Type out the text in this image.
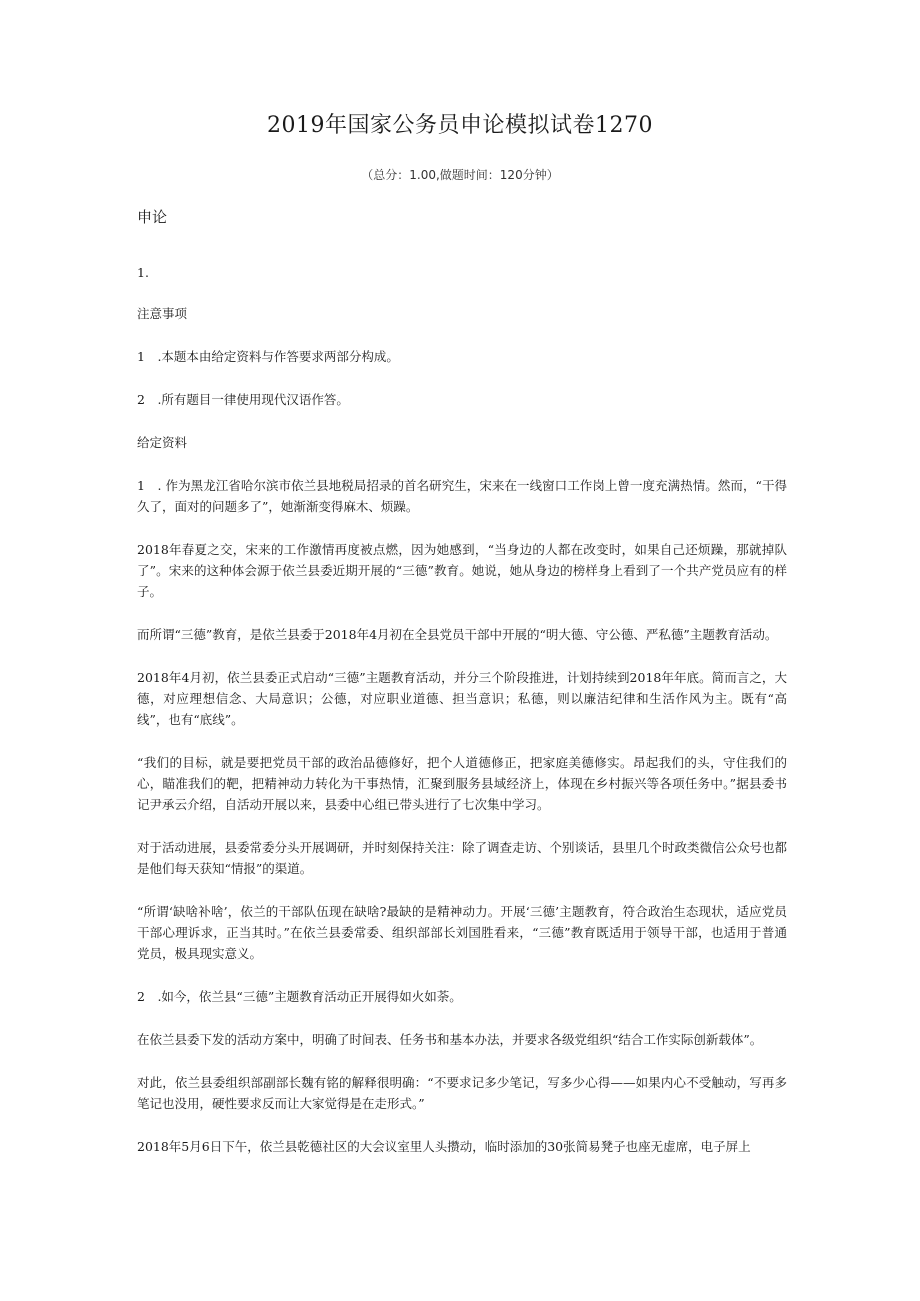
2019年国家公务员申论模拟试卷1270
（总分：1.00,做题时间：120分钟）
申论

1.

注意事项

1　.本题本由给定资料与作答要求两部分构成。

2　.所有题目一律使用现代汉语作答。

给定资料

1　. 作为黑龙江省哈尔滨市依兰县地税局招录的首名研究生，宋来在一线窗口工作岗上曾一度充满热情。然而，“干得久了，面对的问题多了”，她渐渐变得麻木、烦躁。

2018年春夏之交，宋来的工作激情再度被点燃，因为她感到，“当身边的人都在改变时，如果自己还烦躁，那就掉队了”。宋来的这种体会源于依兰县委近期开展的“三德”教育。她说，她从身边的榜样身上看到了一个共产党员应有的样子。

而所谓“三德”教育，是依兰县委于2018年4月初在全县党员干部中开展的“明大德、守公德、严私德”主题教育活动。

2018年4月初，依兰县委正式启动“三德”主题教育活动，并分三个阶段推进，计划持续到2018年年底。简而言之，大德，对应理想信念、大局意识；公德，对应职业道德、担当意识；私德，则以廉洁纪律和生活作风为主。既有“高线”，也有“底线”。

“我们的目标，就是要把党员干部的政治品德修好，把个人道德修正，把家庭美德修实。昂起我们的头，守住我们的心，瞄准我们的靶，把精神动力转化为干事热情，汇聚到服务县域经济上，体现在乡村振兴等各项任务中。”据县委书记尹承云介绍，自活动开展以来，县委中心组已带头进行了七次集中学习。

对于活动进展，县委常委分头开展调研，并时刻保持关注：除了调查走访、个别谈话，县里几个时政类微信公众号也都是他们每天获知“情报”的渠道。

“所谓‘缺啥补啥’，依兰的干部队伍现在缺啥?最缺的是精神动力。开展‘三德’主题教育，符合政治生态现状，适应党员干部心理诉求，正当其时。”在依兰县委常委、组织部部长刘国胜看来，“三德”教育既适用于领导干部，也适用于普通党员，极具现实意义。

2　.如今，依兰县“三德”主题教育活动正开展得如火如荼。

在依兰县委下发的活动方案中，明确了时间表、任务书和基本办法，并要求各级党组织“结合工作实际创新载体”。

对此，依兰县委组织部副部长魏有铭的解释很明确：“不要求记多少笔记，写多少心得——如果内心不受触动，写再多笔记也没用，硬性要求反而让大家觉得是在走形式。”

2018年5月6日下午，依兰县乾德社区的大会议室里人头攒动，临时添加的30张简易凳子也座无虚席，电子屏上
